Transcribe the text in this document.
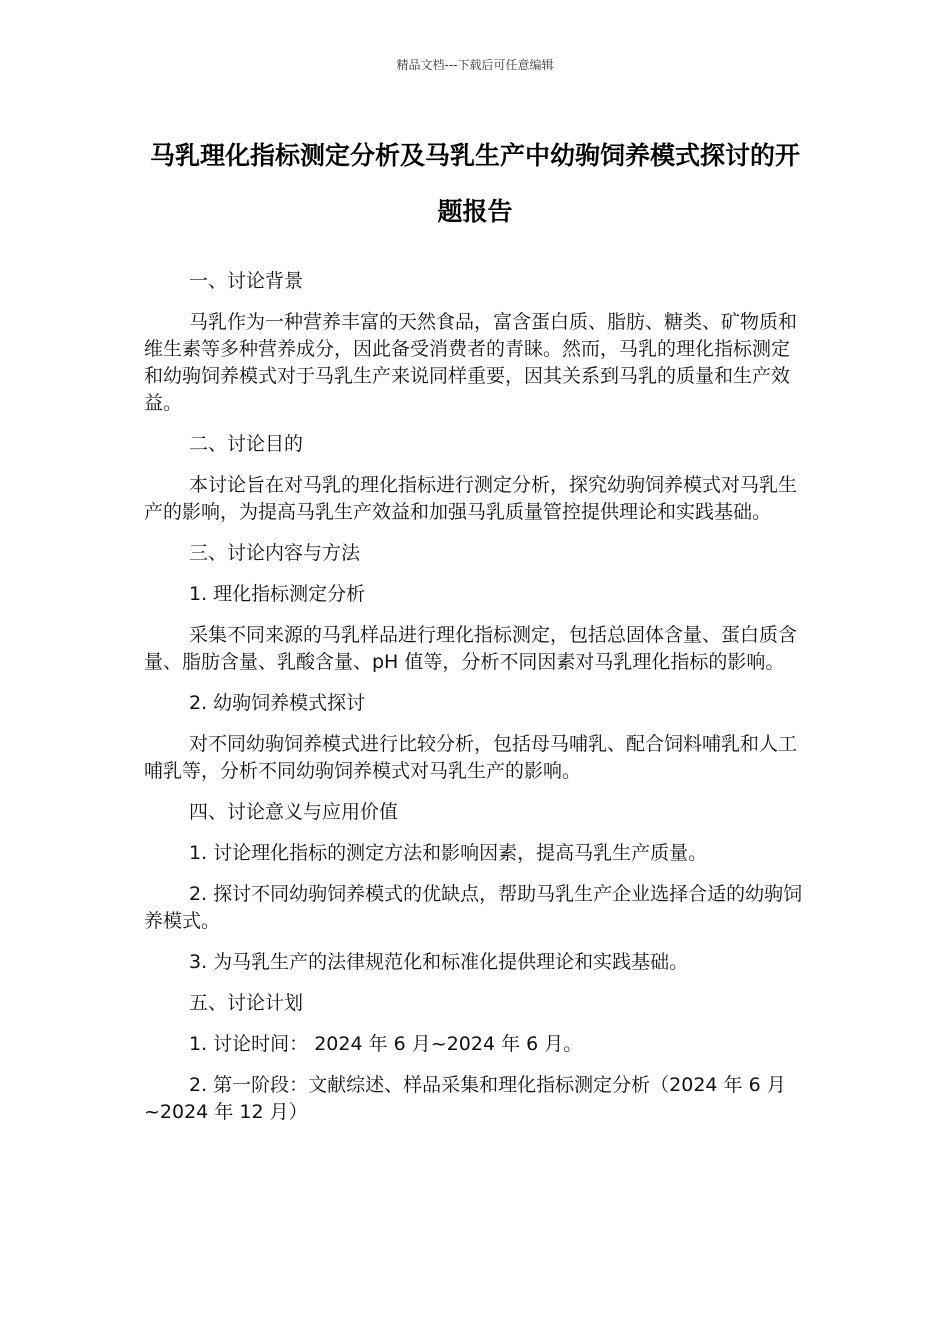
精品文档---下载后可任意编辑
马乳理化指标测定分析及马乳生产中幼驹饲养模式探讨的开题报告

一、讨论背景

马乳作为一种营养丰富的天然食品，富含蛋白质、脂肪、糖类、矿物质和维生素等多种营养成分，因此备受消费者的青睐。然而，马乳的理化指标测定和幼驹饲养模式对于马乳生产来说同样重要，因其关系到马乳的质量和生产效益。

二、讨论目的

本讨论旨在对马乳的理化指标进行测定分析，探究幼驹饲养模式对马乳生产的影响，为提高马乳生产效益和加强马乳质量管控提供理论和实践基础。

三、讨论内容与方法

1. 理化指标测定分析

采集不同来源的马乳样品进行理化指标测定，包括总固体含量、蛋白质含量、脂肪含量、乳酸含量、pH 值等，分析不同因素对马乳理化指标的影响。

2. 幼驹饲养模式探讨

对不同幼驹饲养模式进行比较分析，包括母马哺乳、配合饲料哺乳和人工哺乳等，分析不同幼驹饲养模式对马乳生产的影响。

四、讨论意义与应用价值

1. 讨论理化指标的测定方法和影响因素，提高马乳生产质量。

2. 探讨不同幼驹饲养模式的优缺点，帮助马乳生产企业选择合适的幼驹饲养模式。

3. 为马乳生产的法律规范化和标准化提供理论和实践基础。

五、讨论计划

1. 讨论时间： 2024 年 6 月~2024 年 6 月。

2. 第一阶段：文献综述、样品采集和理化指标测定分析（2024 年 6 月~2024 年 12 月）
